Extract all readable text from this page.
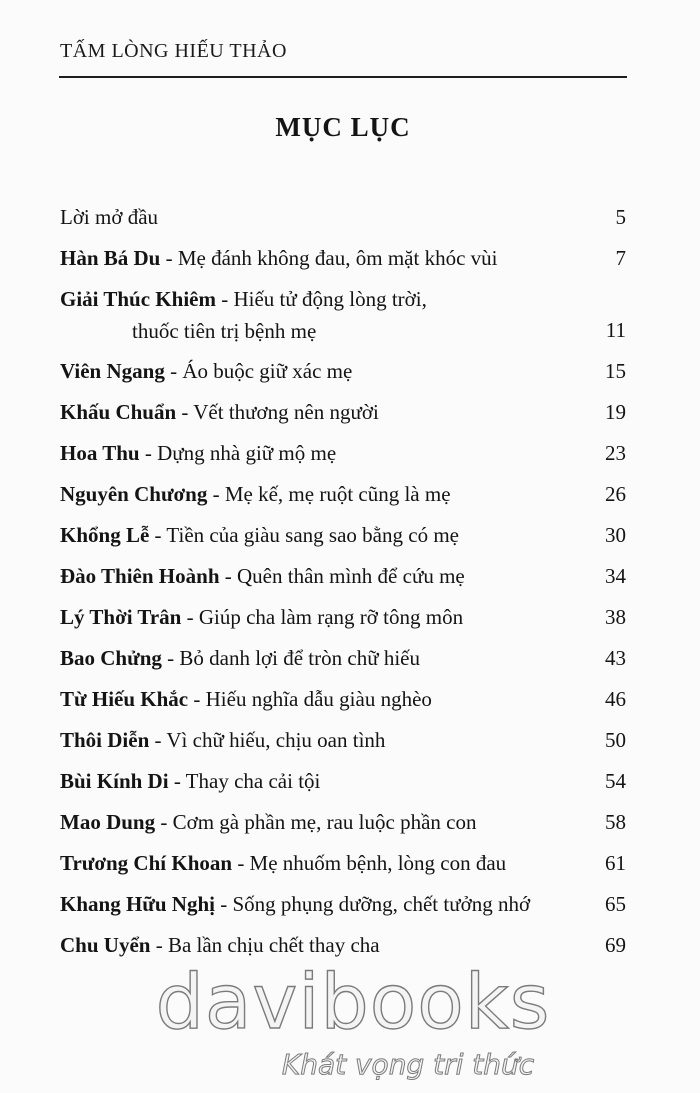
TẤM LÒNG HIẾU THẢO
MỤC LỤC
Lời mở đầu	5
Hàn Bá Du - Mẹ đánh không đau, ôm mặt khóc vùi	7
Giải Thúc Khiêm - Hiếu tử động lòng trời,
thuốc tiên trị bệnh mẹ	11
Viên Ngang - Áo buộc giữ xác mẹ	15
Khấu Chuẩn - Vết thương nên người	19
Hoa Thu - Dựng nhà giữ mộ mẹ	23
Nguyên Chương - Mẹ kế, mẹ ruột cũng là mẹ	26
Khổng Lễ - Tiền của giàu sang sao bằng có mẹ	30
Đào Thiên Hoành - Quên thân mình để cứu mẹ	34
Lý Thời Trân - Giúp cha làm rạng rỡ tông môn	38
Bao Chửng - Bỏ danh lợi để tròn chữ hiếu	43
Từ Hiếu Khắc - Hiếu nghĩa dẫu giàu nghèo	46
Thôi Diễn - Vì chữ hiếu, chịu oan tình	50
Bùi Kính Di - Thay cha cải tội	54
Mao Dung - Cơm gà phần mẹ, rau luộc phần con	58
Trương Chí Khoan - Mẹ nhuốm bệnh, lòng con đau	61
Khang Hữu Nghị - Sống phụng dưỡng, chết tưởng nhớ	65
Chu Uyển - Ba lần chịu chết thay cha	69
davibooks
Khát vọng tri thức
